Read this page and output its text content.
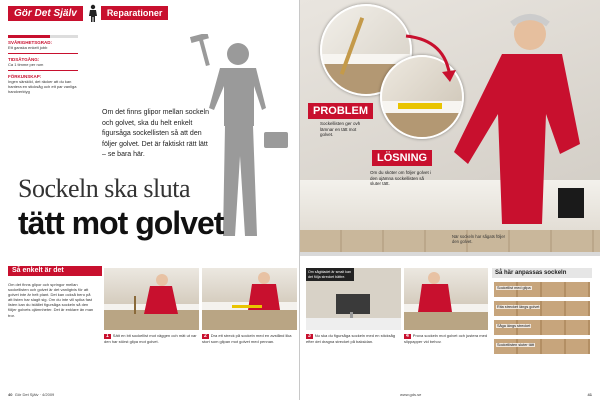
Gör Det Själv	Reparationer
SVÅRIGHETSGRAD:
Ett ganska enkelt jobb
TIDSÅTGÅNG:
Ca 1 timme per rum
FÖRKUNSKAP:
Ingen särskild, det räcker att du kan hantera en sticksåg och ett par vanliga handverktyg
Om det finns glipor mellan sockeln och golvet, ska du helt enkelt figursåga sockellisten så att den följer golvet. Det är faktiskt rätt lätt – se bara här.
Sockeln ska sluta
tätt mot golvet
Så enkelt är det
Om det finns glipor och springor mellan sockellisten och golvet är det vanligtvis för att golvet inte är helt plant. Det kan också bero på att listen har slagit sig. Om du inte vill spika fast listen kan du istället figursåga sockeln så den följer golvets ojämnheter. Det är enklare än man tror.
1 Sätt en bit sockellist mot väggen och mät ut var den har störst glipa mot golvet.
2 Dra ett streck på sockeln med en avstånd lika stort som glipan mot golvet med pennan.
40 Gör Det Själv · 4/2009
PROBLEM
Sockellisten ger ovh lämnar en tätt mot golvet.
LÖSNING
Om du sköter om följer golvet i den ojämna sockellisten så sluter tätt.
När sockeln har sågats följer den golvet.
Om sågbladet är smalt kan det följa strecket bättre.
3 Nu ska du figursåga sockeln med en sticksåg efter det dragna strecket på baksidan.
4 Prova sockeln mot golvet och justera med slippapper vid behov.
Så här anpassas sockeln
Sockellist med glipa
Rita strecket längs golvet
Såga längs strecket
Sockellisten sluter tätt
www.gds.se	41
